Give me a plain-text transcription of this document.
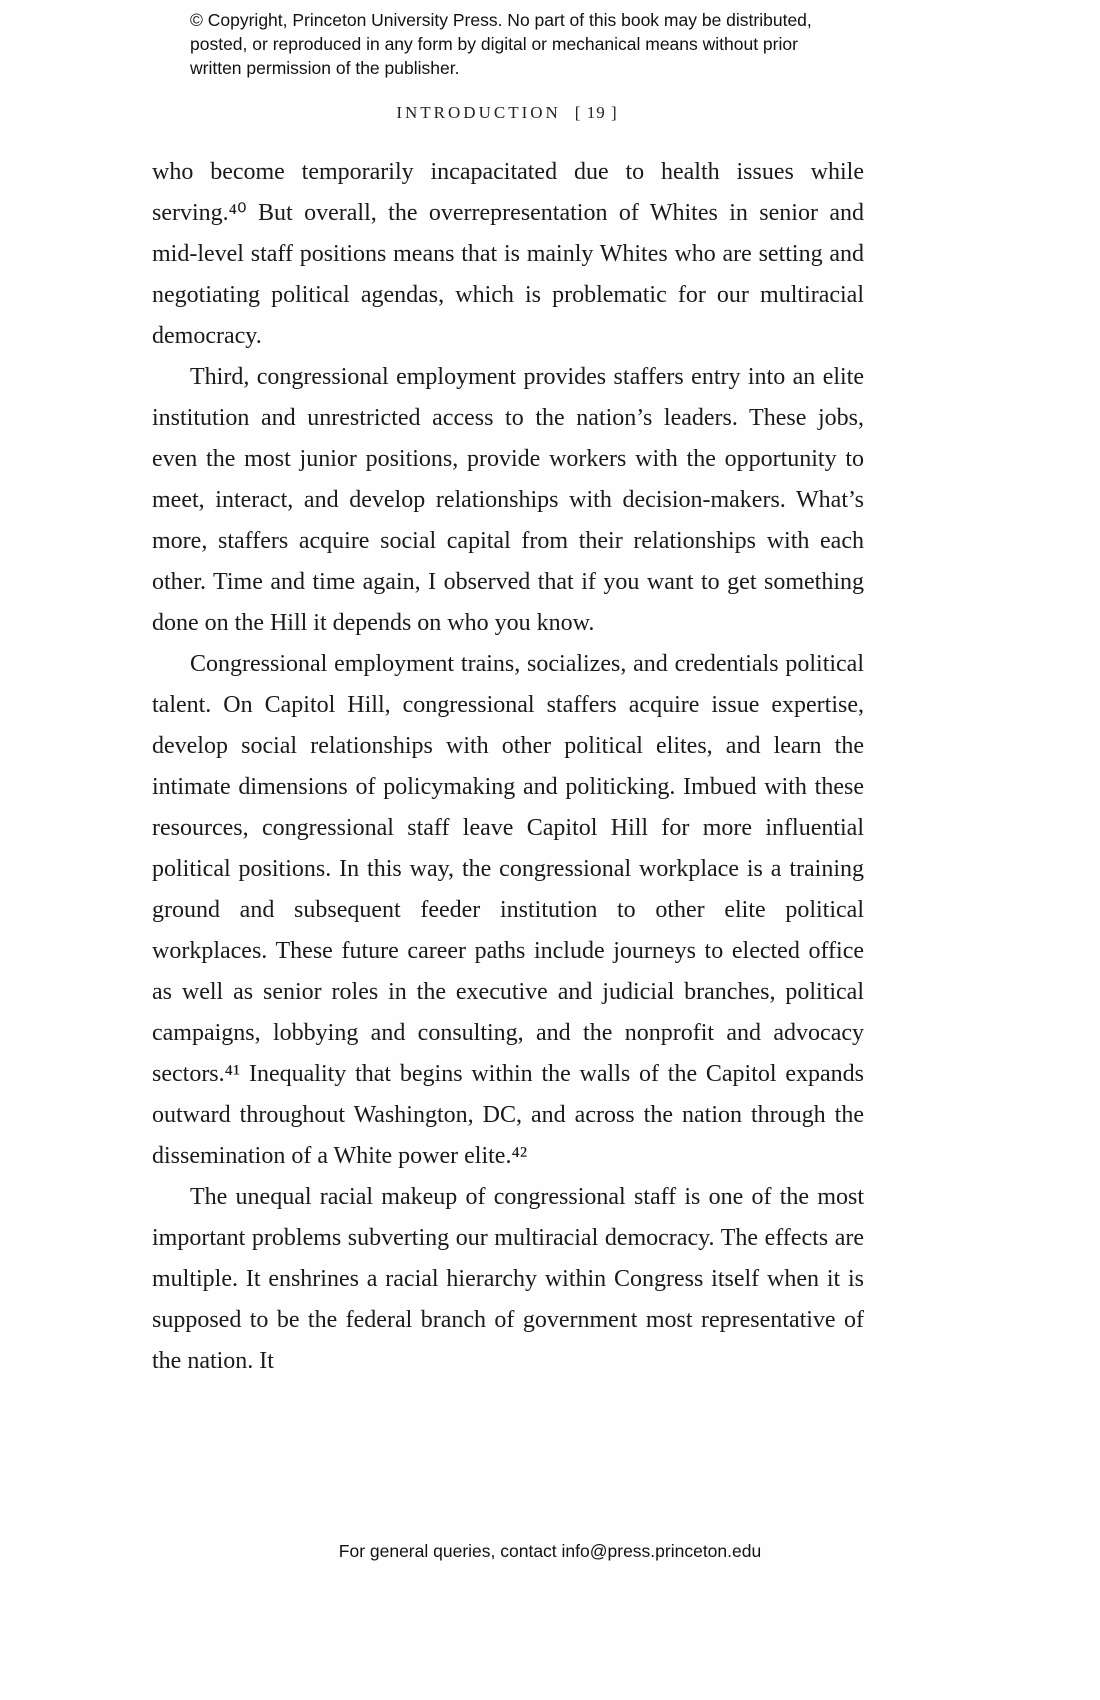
© Copyright, Princeton University Press. No part of this book may be distributed, posted, or reproduced in any form by digital or mechanical means without prior written permission of the publisher.
INTRODUCTION [ 19 ]

who become temporarily incapacitated due to health issues while serving.⁴⁰ But overall, the overrepresentation of Whites in senior and mid-level staff positions means that is mainly Whites who are setting and negotiating political agendas, which is problematic for our multiracial democracy.

Third, congressional employment provides staffers entry into an elite institution and unrestricted access to the nation’s leaders. These jobs, even the most junior positions, provide workers with the opportunity to meet, interact, and develop relationships with decision-makers. What’s more, staffers acquire social capital from their relationships with each other. Time and time again, I observed that if you want to get something done on the Hill it depends on who you know.

Congressional employment trains, socializes, and credentials political talent. On Capitol Hill, congressional staffers acquire issue expertise, develop social relationships with other political elites, and learn the intimate dimensions of policymaking and politicking. Imbued with these resources, congressional staff leave Capitol Hill for more influential political positions. In this way, the congressional workplace is a training ground and subsequent feeder institution to other elite political workplaces. These future career paths include journeys to elected office as well as senior roles in the executive and judicial branches, political campaigns, lobbying and consulting, and the nonprofit and advocacy sectors.⁴¹ Inequality that begins within the walls of the Capitol expands outward throughout Washington, DC, and across the nation through the dissemination of a White power elite.⁴²

The unequal racial makeup of congressional staff is one of the most important problems subverting our multiracial democracy. The effects are multiple. It enshrines a racial hierarchy within Congress itself when it is supposed to be the federal branch of government most representative of the nation. It

For general queries, contact info@press.princeton.edu
